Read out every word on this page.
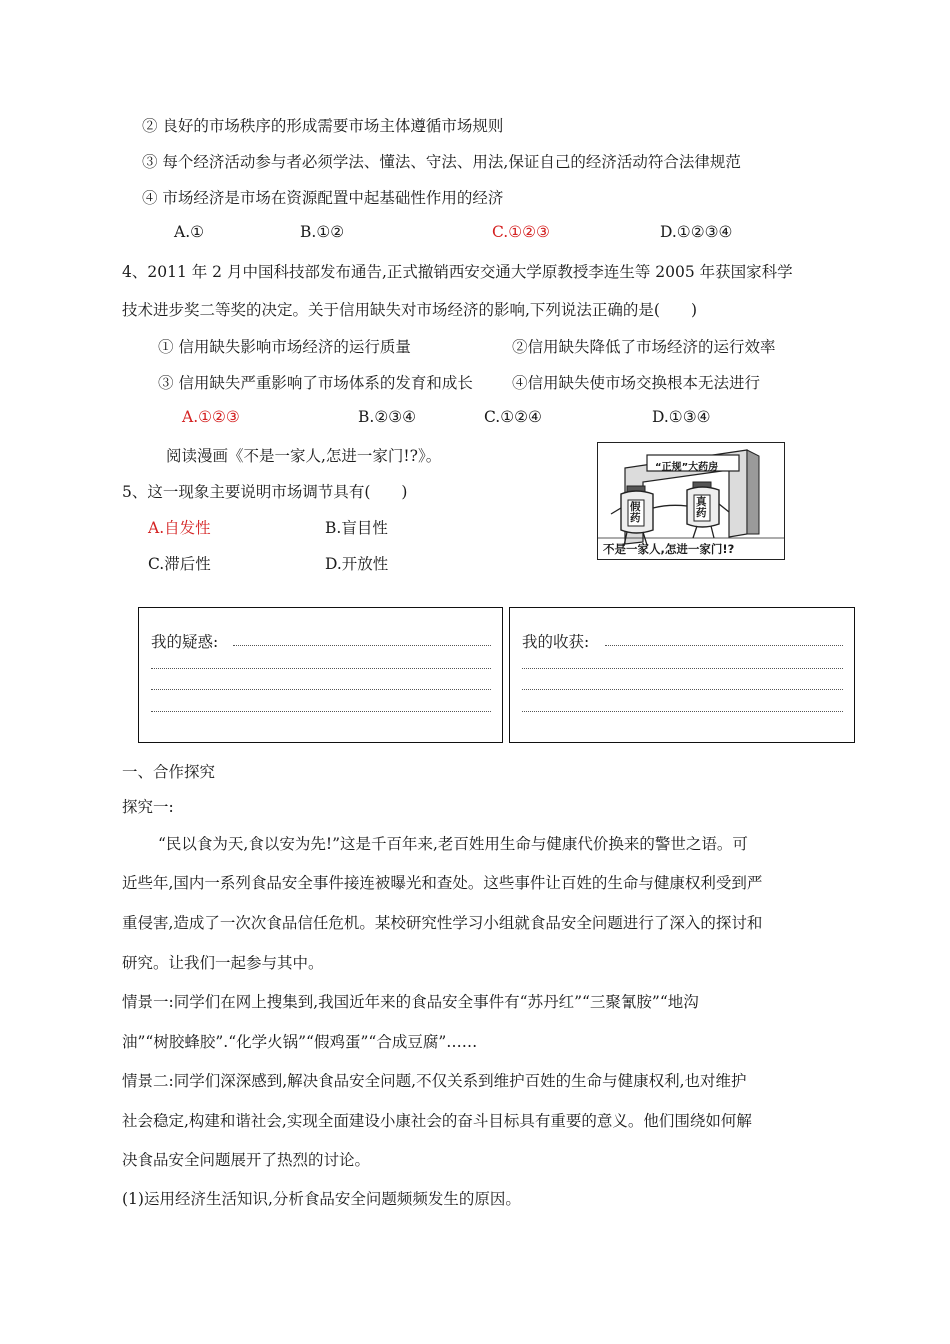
② 良好的市场秩序的形成需要市场主体遵循市场规则
③ 每个经济活动参与者必须学法、懂法、守法、用法,保证自己的经济活动符合法律规范
④ 市场经济是市场在资源配置中起基础性作用的经济
A.①	B.①②	C.①②③	D.①②③④
4、2011 年 2 月中国科技部发布通告,正式撤销西安交通大学原教授李连生等 2005 年获国家科学
技术进步奖二等奖的决定。关于信用缺失对市场经济的影响,下列说法正确的是(　　)
① 信用缺失影响市场经济的运行质量	②信用缺失降低了市场经济的运行效率
③ 信用缺失严重影响了市场体系的发育和成长	④信用缺失使市场交换根本无法进行
A.①②③	B.②③④	C.①②④	D.①③④
阅读漫画《不是一家人,怎进一家门!?》。
5、这一现象主要说明市场调节具有(　　)
A.自发性	B.盲目性
C.滞后性	D.开放性
“正规”大药房
假药
真药
不是一家人,怎进一家门!?
我的疑惑:	我的收获:
一、合作探究
探究一:
“民以食为天,食以安为先!”这是千百年来,老百姓用生命与健康代价换来的警世之语。可
近些年,国内一系列食品安全事件接连被曝光和查处。这些事件让百姓的生命与健康权利受到严
重侵害,造成了一次次食品信任危机。某校研究性学习小组就食品安全问题进行了深入的探讨和
研究。让我们一起参与其中。
情景一:同学们在网上搜集到,我国近年来的食品安全事件有“苏丹红”“三聚氰胺”“地沟
油”“树胶蜂胶”.“化学火锅”“假鸡蛋”“合成豆腐”……
情景二:同学们深深感到,解决食品安全问题,不仅关系到维护百姓的生命与健康权利,也对维护
社会稳定,构建和谐社会,实现全面建设小康社会的奋斗目标具有重要的意义。他们围绕如何解
决食品安全问题展开了热烈的讨论。
(1)运用经济生活知识,分析食品安全问题频频发生的原因。
